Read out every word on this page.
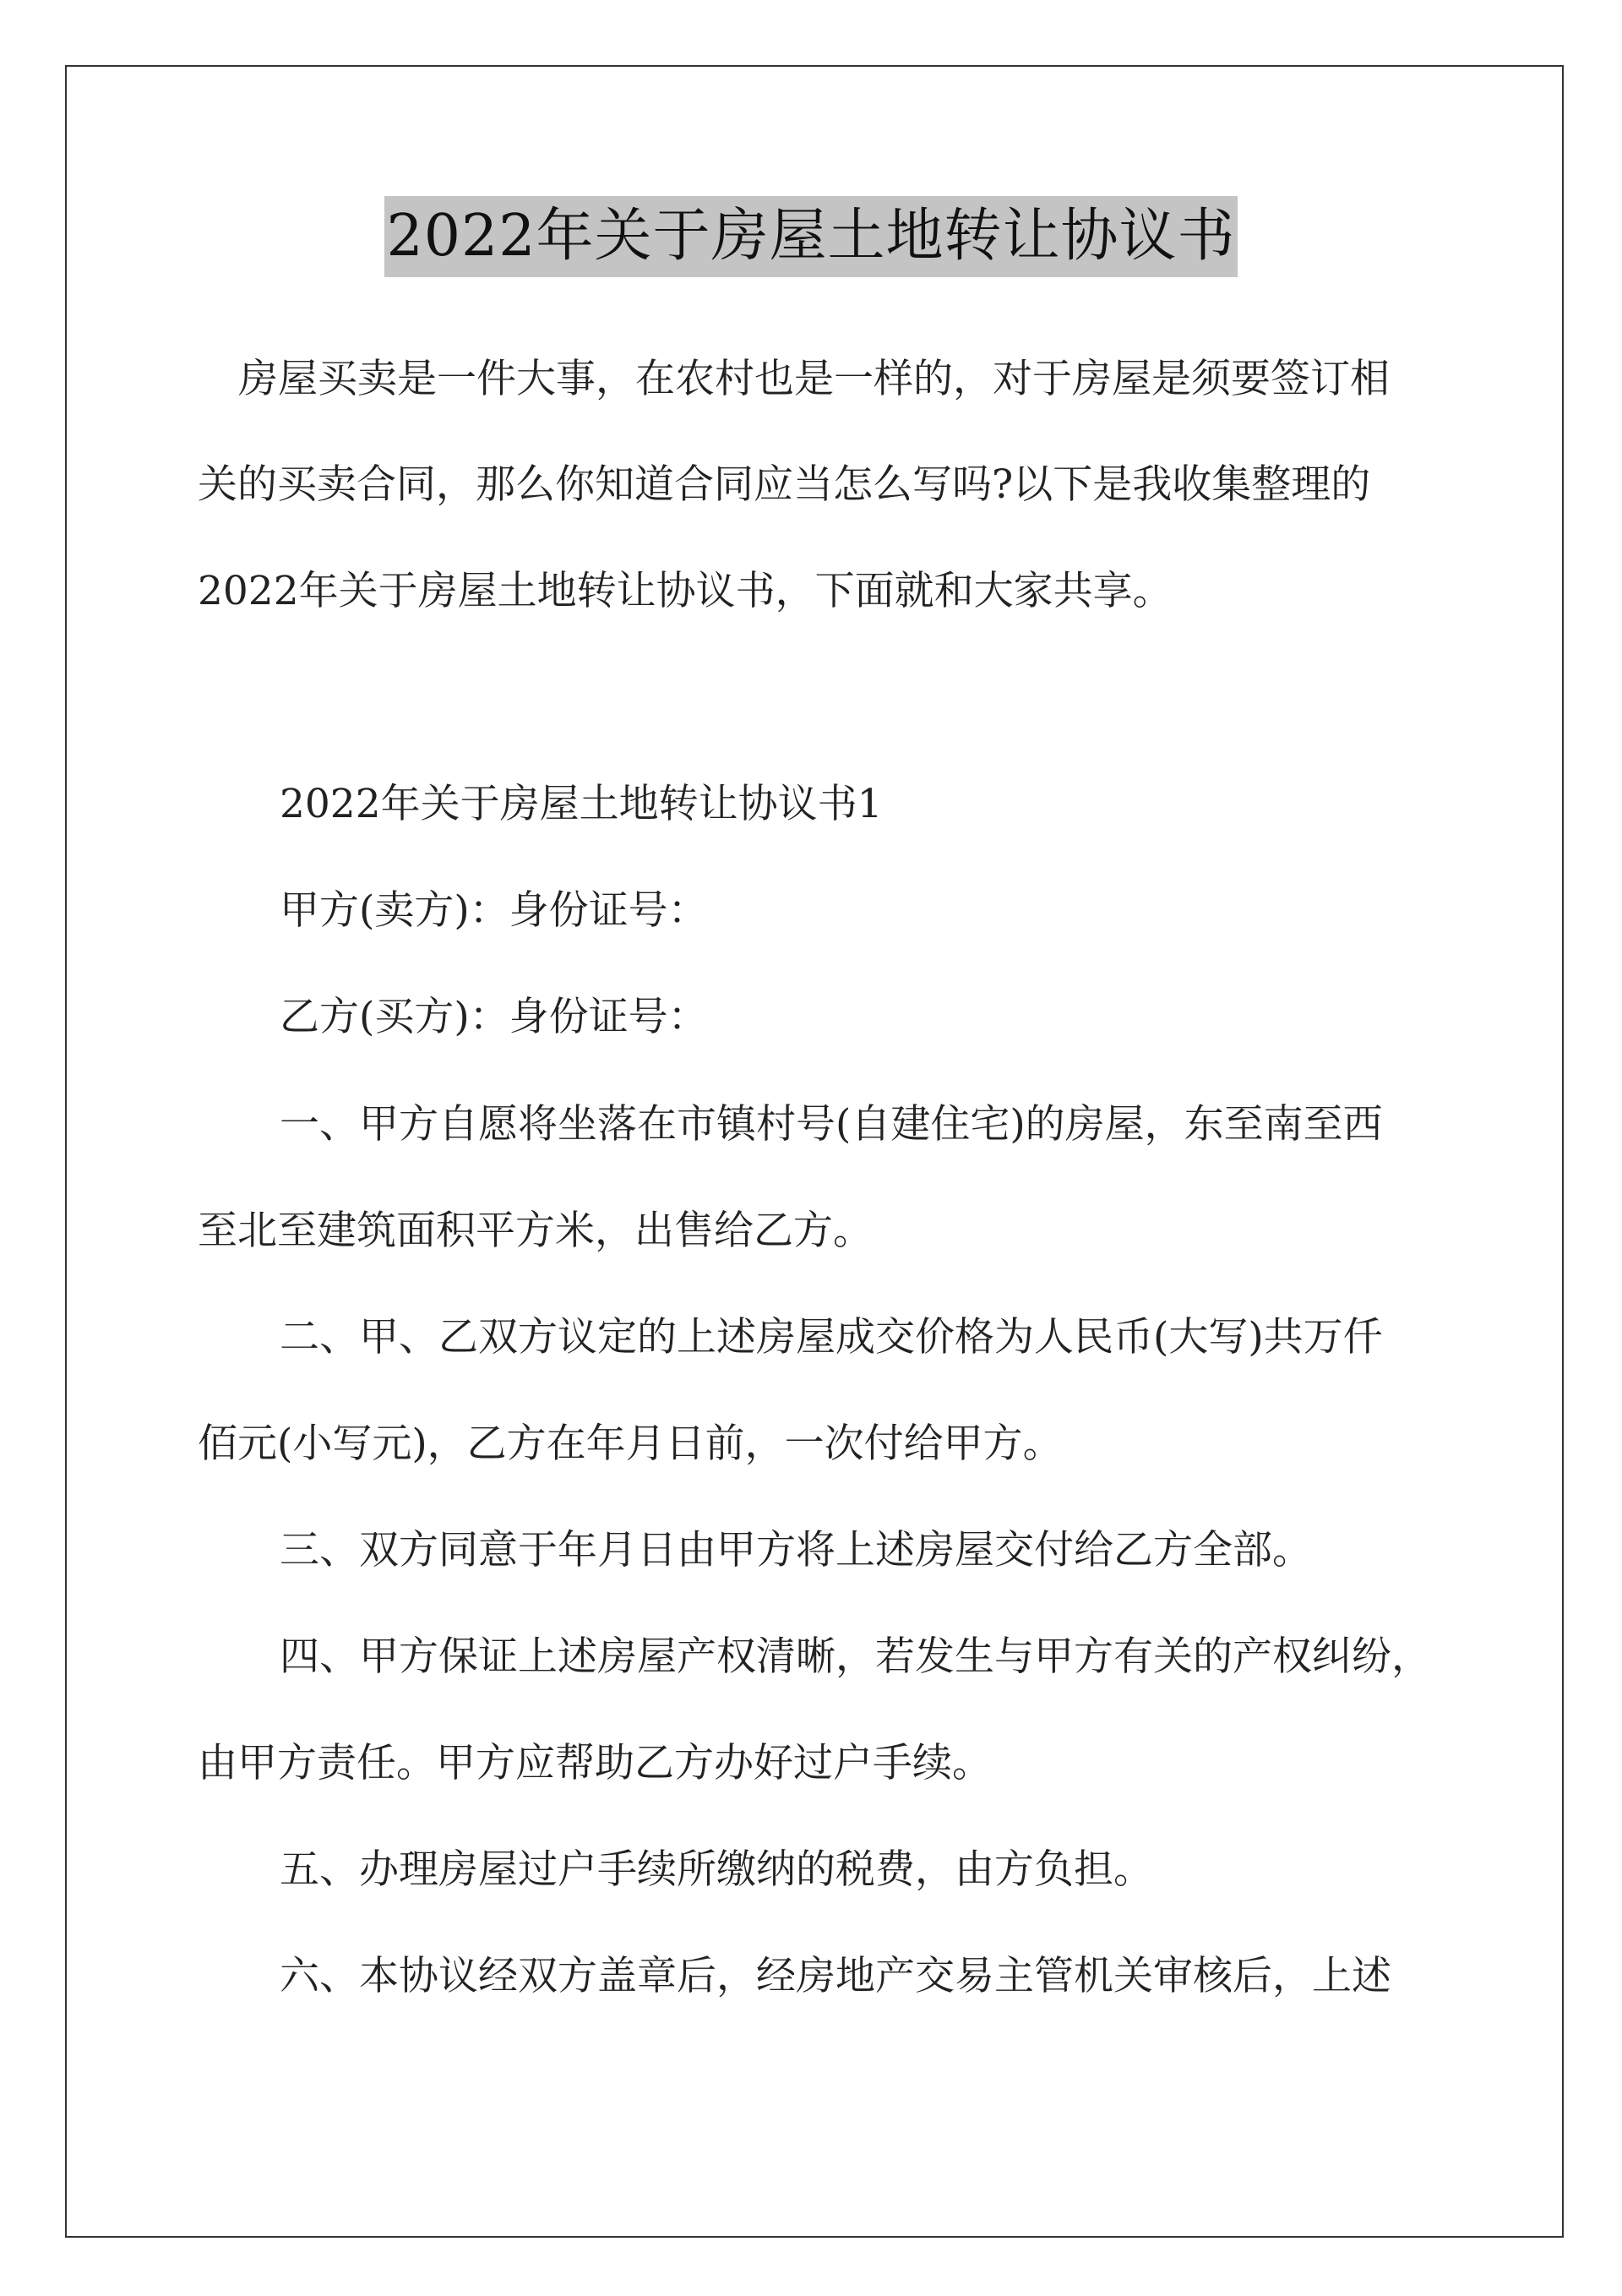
2022年关于房屋土地转让协议书
房屋买卖是一件大事，在农村也是一样的，对于房屋是须要签订相
关的买卖合同，那么你知道合同应当怎么写吗?以下是我收集整理的
2022年关于房屋土地转让协议书，下面就和大家共享。
2022年关于房屋土地转让协议书1
甲方(卖方)：身份证号：
乙方(买方)：身份证号：
一、甲方自愿将坐落在市镇村号(自建住宅)的房屋，东至南至西
至北至建筑面积平方米，出售给乙方。
二、甲、乙双方议定的上述房屋成交价格为人民币(大写)共万仟
佰元(小写元)，乙方在年月日前，一次付给甲方。
三、双方同意于年月日由甲方将上述房屋交付给乙方全部。
四、甲方保证上述房屋产权清晰，若发生与甲方有关的产权纠纷，
由甲方责任。甲方应帮助乙方办好过户手续。
五、办理房屋过户手续所缴纳的税费，由方负担。
六、本协议经双方盖章后，经房地产交易主管机关审核后，上述
